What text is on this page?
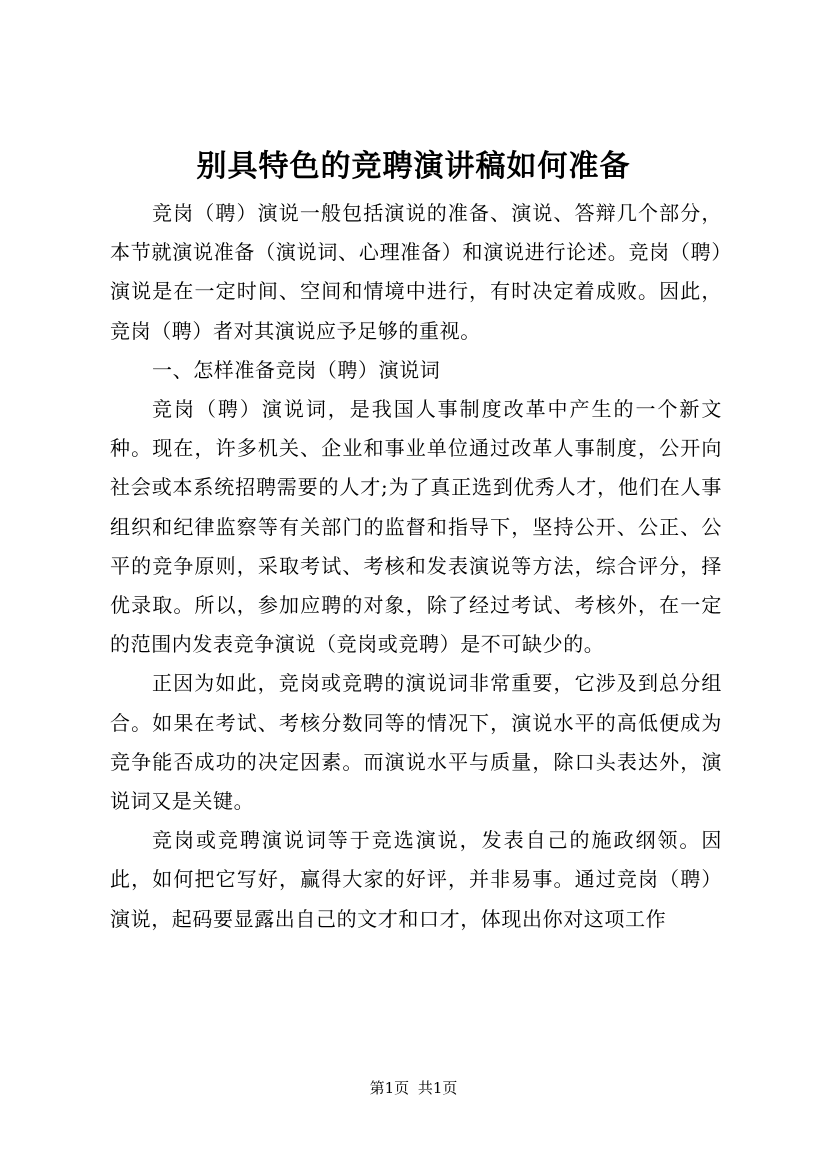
别具特色的竞聘演讲稿如何准备

竞岗（聘）演说一般包括演说的准备、演说、答辩几个部分，本节就演说准备（演说词、心理准备）和演说进行论述。竞岗（聘）演说是在一定时间、空间和情境中进行，有时决定着成败。因此，竞岗（聘）者对其演说应予足够的重视。

一、怎样准备竞岗（聘）演说词

竞岗（聘）演说词，是我国人事制度改革中产生的一个新文种。现在，许多机关、企业和事业单位通过改革人事制度，公开向社会或本系统招聘需要的人才;为了真正选到优秀人才，他们在人事组织和纪律监察等有关部门的监督和指导下，坚持公开、公正、公平的竞争原则，采取考试、考核和发表演说等方法，综合评分，择优录取。所以，参加应聘的对象，除了经过考试、考核外，在一定的范围内发表竞争演说（竞岗或竞聘）是不可缺少的。

正因为如此，竞岗或竞聘的演说词非常重要，它涉及到总分组合。如果在考试、考核分数同等的情况下，演说水平的高低便成为竞争能否成功的决定因素。而演说水平与质量，除口头表达外，演说词又是关键。

竞岗或竞聘演说词等于竞选演说，发表自己的施政纲领。因此，如何把它写好，赢得大家的好评，并非易事。通过竞岗（聘）演说，起码要显露出自己的文才和口才，体现出你对这项工作

第1页 共1页
